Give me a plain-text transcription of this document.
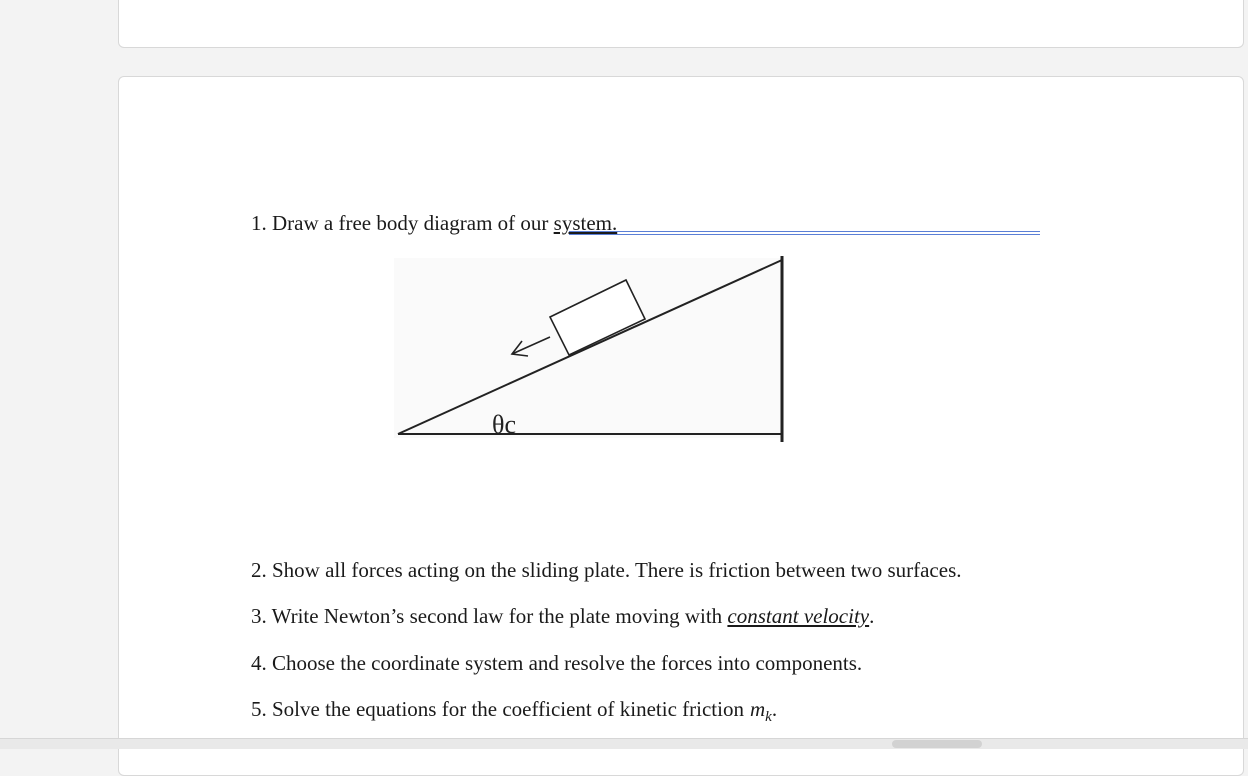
1. Draw a free body diagram of our system.
θc
2. Show all forces acting on the sliding plate. There is friction between two surfaces.
3. Write Newton’s second law for the plate moving with constant velocity.
4. Choose the coordinate system and resolve the forces into components.
5. Solve the equations for the coefficient of kinetic friction $m_k$.
